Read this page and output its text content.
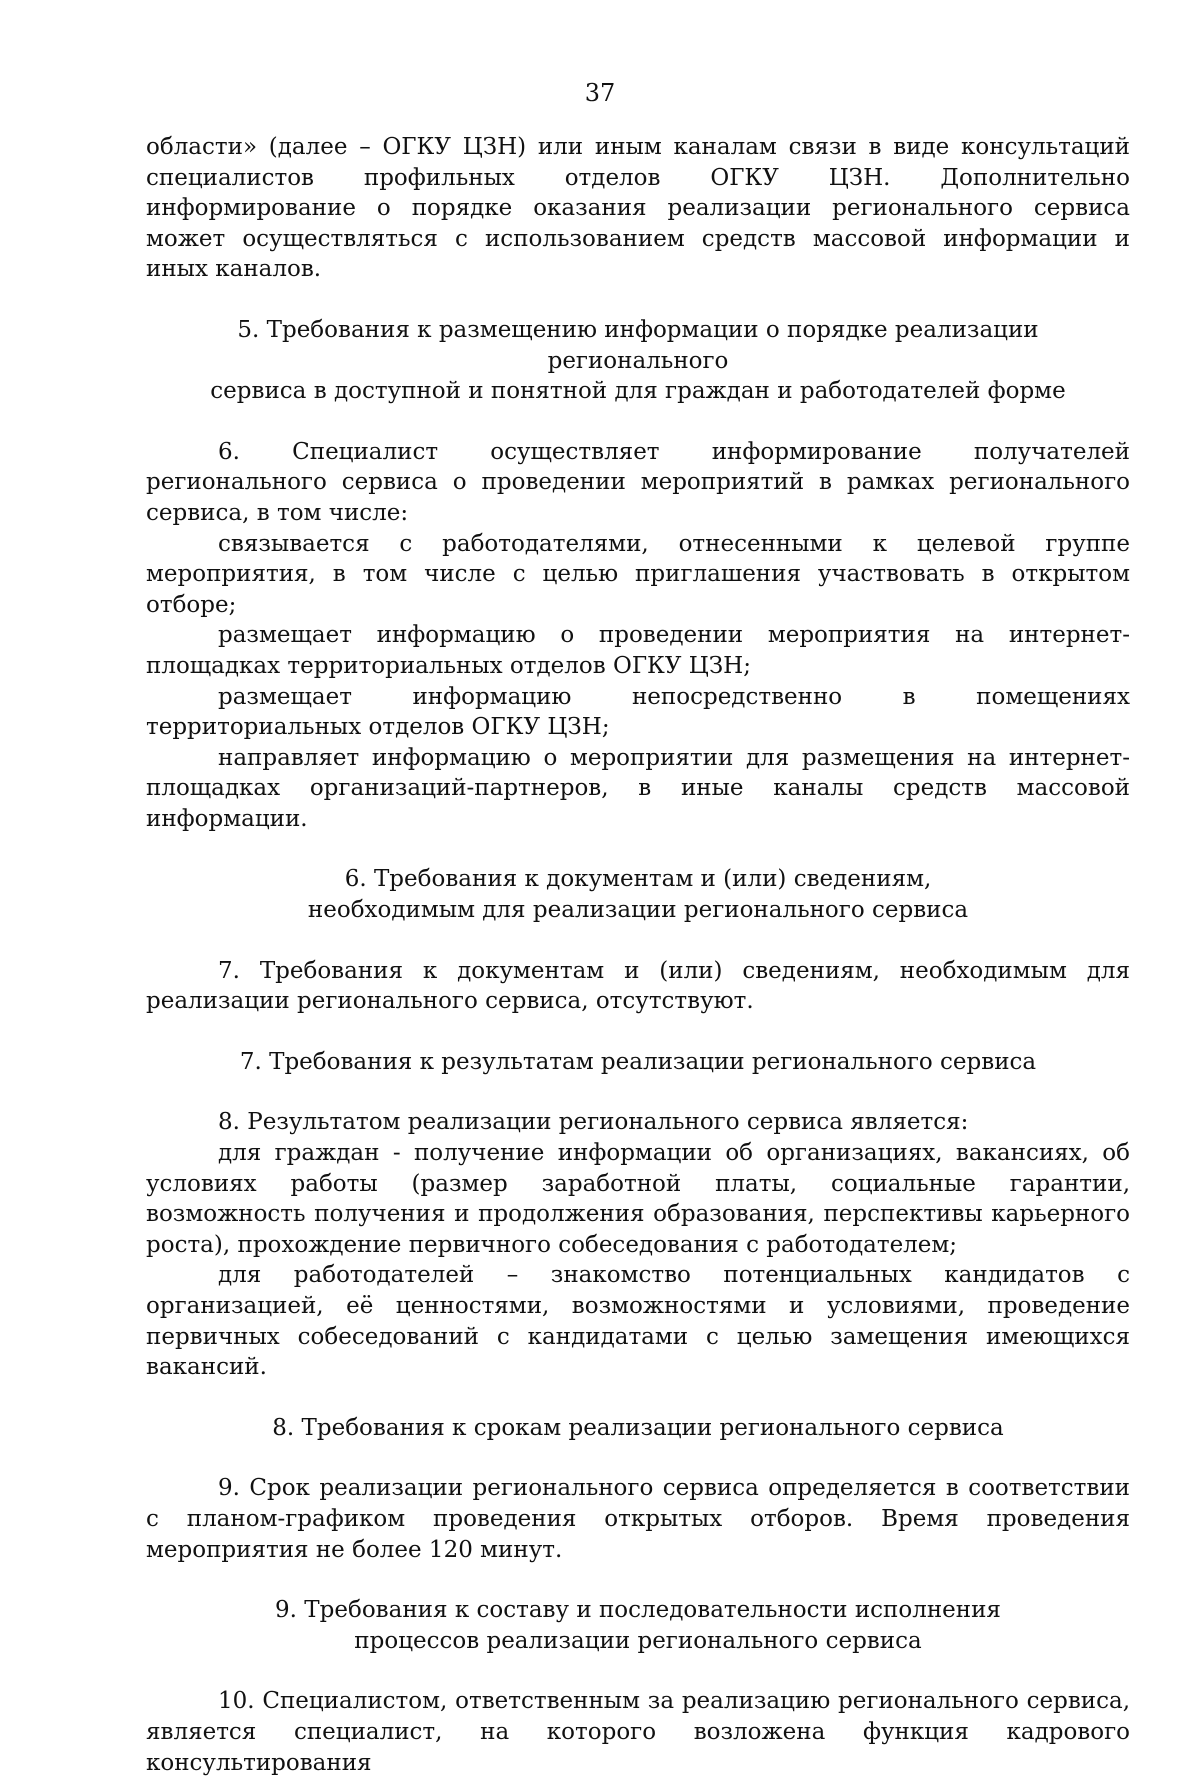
37

области» (далее – ОГКУ ЦЗН) или иным каналам связи в виде консультаций специалистов профильных отделов ОГКУ ЦЗН. Дополнительно информирование о порядке оказания реализации регионального сервиса может осуществляться с использованием средств массовой информации и иных каналов.

5. Требования к размещению информации о порядке реализации регионального
сервиса в доступной и понятной для граждан и работодателей форме

6. Специалист осуществляет информирование получателей регионального сервиса о проведении мероприятий в рамках регионального сервиса, в том числе:

связывается с работодателями, отнесенными к целевой группе мероприятия, в том числе с целью приглашения участвовать в открытом отборе;

размещает информацию о проведении мероприятия на интернет-площадках территориальных отделов ОГКУ ЦЗН;

размещает информацию непосредственно в помещениях территориальных отделов ОГКУ ЦЗН;

направляет информацию о мероприятии для размещения на интернет-площадках организаций-партнеров, в иные каналы средств массовой информации.

6. Требования к документам и (или) сведениям,
необходимым для реализации регионального сервиса

7. Требования к документам и (или) сведениям, необходимым для реализации регионального сервиса, отсутствуют.

7. Требования к результатам реализации регионального сервиса

8. Результатом реализации регионального сервиса является:

для граждан - получение информации об организациях, вакансиях, об условиях работы (размер заработной платы, социальные гарантии, возможность получения и продолжения образования, перспективы карьерного роста), прохождение первичного собеседования с работодателем;

для работодателей – знакомство потенциальных кандидатов с организацией, её ценностями, возможностями и условиями, проведение первичных собеседований с кандидатами с целью замещения имеющихся вакансий.

8. Требования к срокам реализации регионального сервиса

9. Срок реализации регионального сервиса определяется в соответствии с планом-графиком проведения открытых отборов. Время проведения мероприятия не более 120 минут.

9. Требования к составу и последовательности исполнения
процессов реализации регионального сервиса

10. Специалистом, ответственным за реализацию регионального сервиса, является специалист, на которого возложена функция кадрового консультирования
